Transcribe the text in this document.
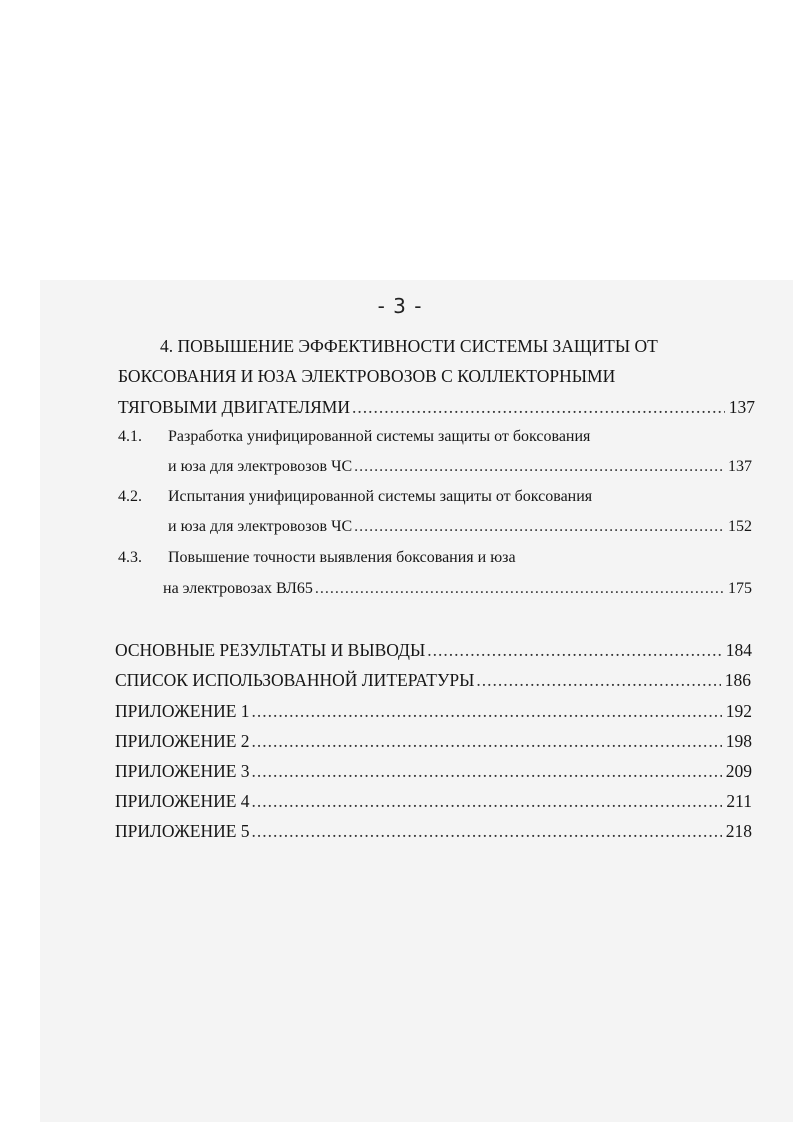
- 3 -
4. ПОВЫШЕНИЕ ЭФФЕКТИВНОСТИ СИСТЕМЫ ЗАЩИТЫ ОТ
БОКСОВАНИЯ И ЮЗА ЭЛЕКТРОВОЗОВ С КОЛЛЕКТОРНЫМИ
ТЯГОВЫМИ ДВИГАТЕЛЯМИ .....	137
4.1.	Разработка унифицированной системы защиты от боксования
и юза для электровозов ЧС .....	137
4.2.	Испытания унифицированной системы защиты от боксования
и юза для электровозов ЧС .....	152
4.3.	Повышение точности выявления боксования и юза
на электровозах ВЛ65 .....	175
ОСНОВНЫЕ РЕЗУЛЬТАТЫ И ВЫВОДЫ .....	184
СПИСОК ИСПОЛЬЗОВАННОЙ ЛИТЕРАТУРЫ .....	186
ПРИЛОЖЕНИЕ 1 .....	192
ПРИЛОЖЕНИЕ 2 .....	198
ПРИЛОЖЕНИЕ 3 .....	209
ПРИЛОЖЕНИЕ 4 .....	211
ПРИЛОЖЕНИЕ 5 .....	218
